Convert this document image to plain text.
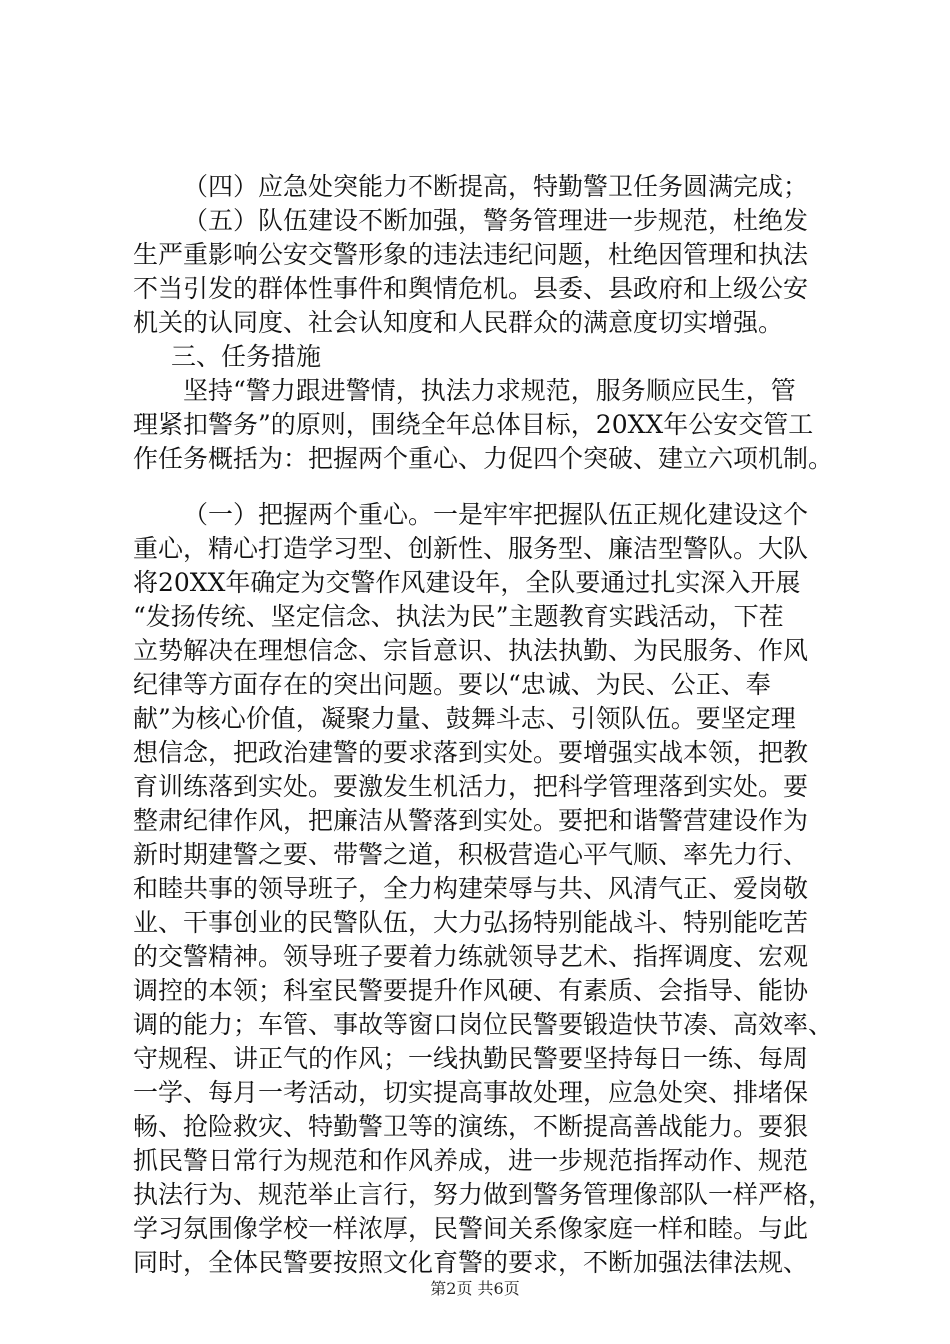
（四）应急处突能力不断提高，特勤警卫任务圆满完成；
（五）队伍建设不断加强，警务管理进一步规范，杜绝发
生严重影响公安交警形象的违法违纪问题，杜绝因管理和执法
不当引发的群体性事件和舆情危机。县委、县政府和上级公安
机关的认同度、社会认知度和人民群众的满意度切实增强。
三、任务措施
坚持“警力跟进警情，执法力求规范，服务顺应民生，管
理紧扣警务”的原则，围绕全年总体目标，20XX年公安交管工
作任务概括为：把握两个重心、力促四个突破、建立六项机制。
（一）把握两个重心。一是牢牢把握队伍正规化建设这个
重心，精心打造学习型、创新性、服务型、廉洁型警队。大队
将20XX年确定为交警作风建设年，全队要通过扎实深入开展
“发扬传统、坚定信念、执法为民”主题教育实践活动，下茬
立势解决在理想信念、宗旨意识、执法执勤、为民服务、作风
纪律等方面存在的突出问题。要以“忠诚、为民、公正、奉
献”为核心价值，凝聚力量、鼓舞斗志、引领队伍。要坚定理
想信念，把政治建警的要求落到实处。要增强实战本领，把教
育训练落到实处。要激发生机活力，把科学管理落到实处。要
整肃纪律作风，把廉洁从警落到实处。要把和谐警营建设作为
新时期建警之要、带警之道，积极营造心平气顺、率先力行、
和睦共事的领导班子，全力构建荣辱与共、风清气正、爱岗敬
业、干事创业的民警队伍，大力弘扬特别能战斗、特别能吃苦
的交警精神。领导班子要着力练就领导艺术、指挥调度、宏观
调控的本领；科室民警要提升作风硬、有素质、会指导、能协
调的能力；车管、事故等窗口岗位民警要锻造快节凑、高效率、
守规程、讲正气的作风；一线执勤民警要坚持每日一练、每周
一学、每月一考活动，切实提高事故处理，应急处突、排堵保
畅、抢险救灾、特勤警卫等的演练，不断提高善战能力。要狠
抓民警日常行为规范和作风养成，进一步规范指挥动作、规范
执法行为、规范举止言行，努力做到警务管理像部队一样严格，
学习氛围像学校一样浓厚，民警间关系像家庭一样和睦。与此
同时，全体民警要按照文化育警的要求，不断加强法律法规、
第2页 共6页
